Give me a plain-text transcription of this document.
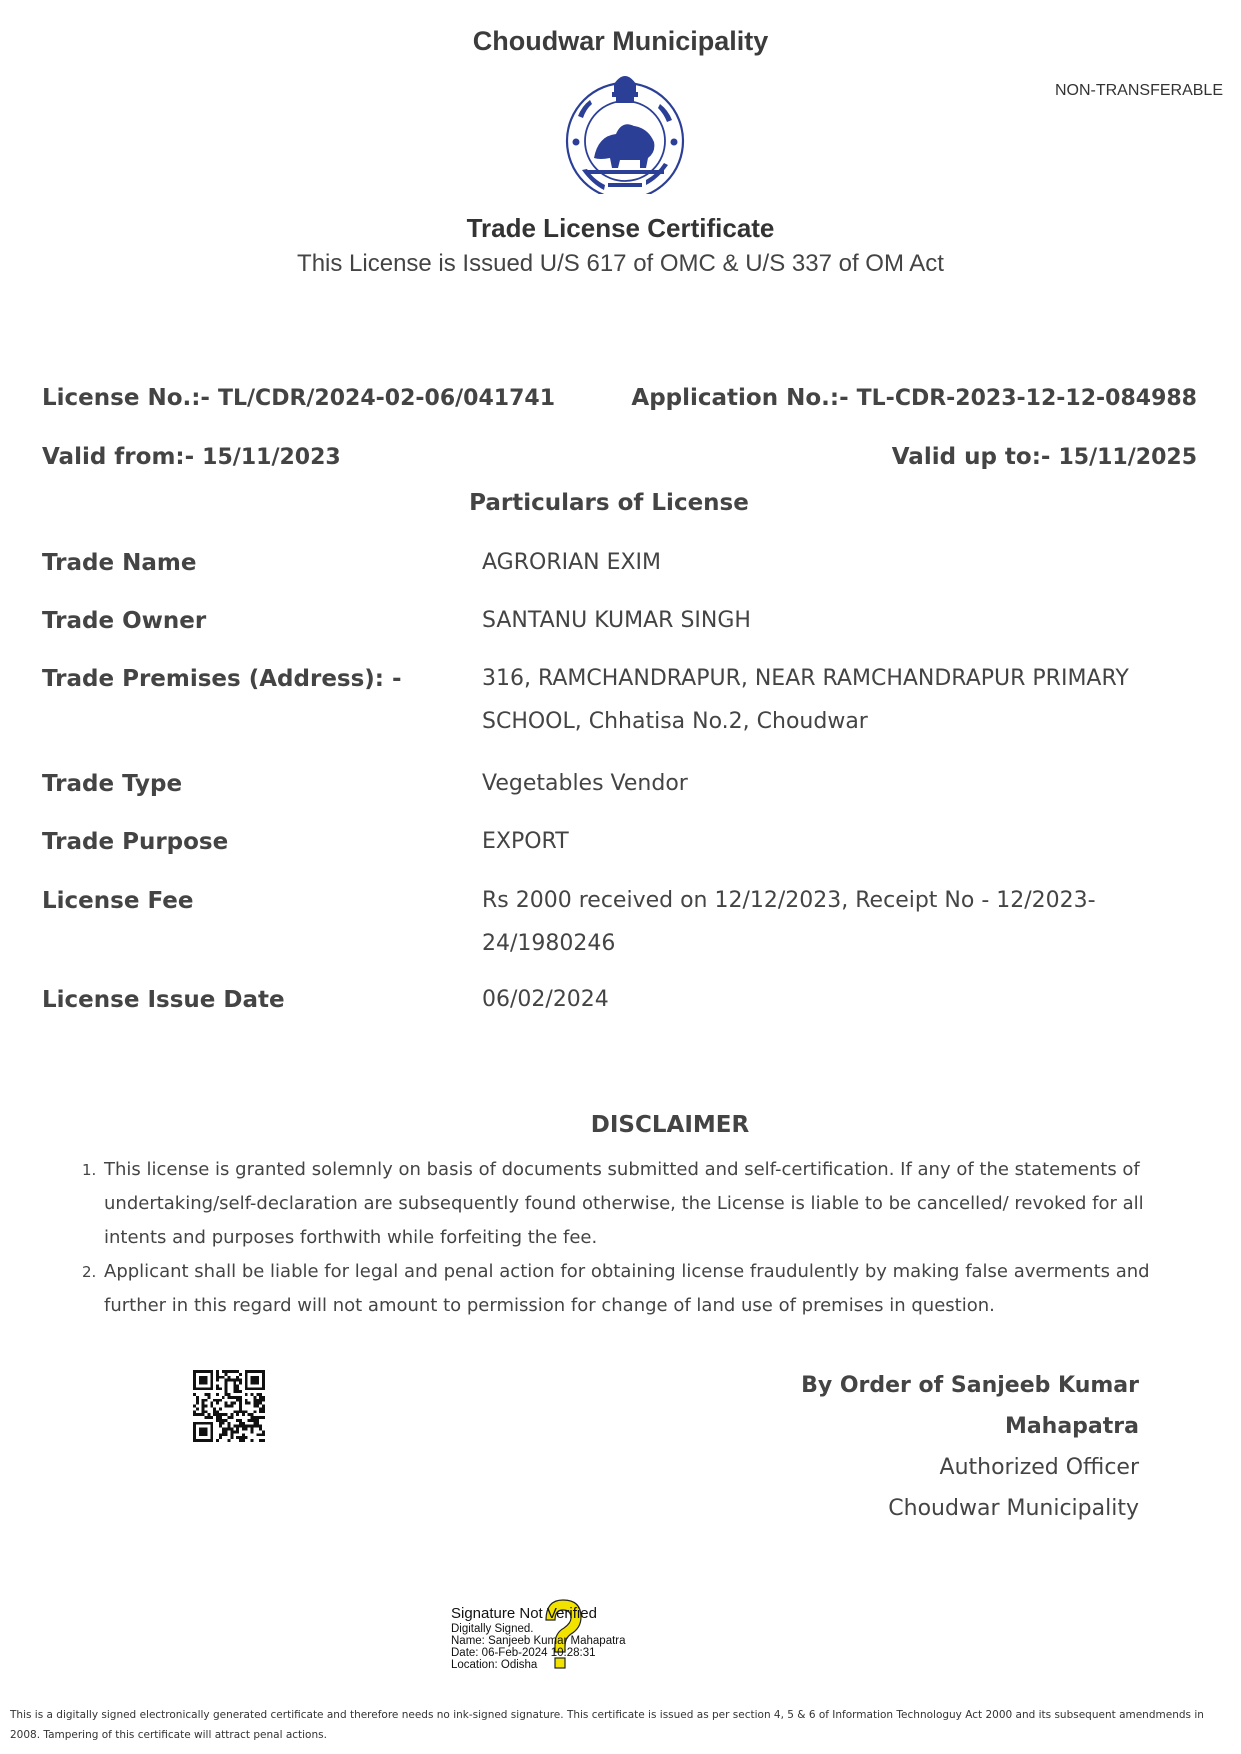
Choudwar Municipality
NON-TRANSFERABLE
Trade License Certificate
This License is Issued U/S 617 of OMC & U/S 337 of OM Act
License No.:- TL/CDR/2024-02-06/041741	Application No.:- TL-CDR-2023-12-12-084988
Valid from:- 15/11/2023	Valid up to:- 15/11/2025
Particulars of License
Trade Name	AGRORIAN EXIM
Trade Owner	SANTANU KUMAR SINGH
Trade Premises (Address): -	316, RAMCHANDRAPUR, NEAR RAMCHANDRAPUR PRIMARY SCHOOL, Chhatisa No.2, Choudwar
Trade Type	Vegetables Vendor
Trade Purpose	EXPORT
License Fee	Rs 2000 received on 12/12/2023, Receipt No - 12/2023-24/1980246
License Issue Date	06/02/2024
DISCLAIMER
1. This license is granted solemnly on basis of documents submitted and self-certification. If any of the statements of undertaking/self-declaration are subsequently found otherwise, the License is liable to be cancelled/ revoked for all intents and purposes forthwith while forfeiting the fee.
2. Applicant shall be liable for legal and penal action for obtaining license fraudulently by making false averments and further in this regard will not amount to permission for change of land use of premises in question.
By Order of Sanjeeb Kumar
Mahapatra
Authorized Officer
Choudwar Municipality
Signature Not Verified
Digitally Signed.
Name: Sanjeeb Kumar Mahapatra
Date: 06-Feb-2024 10:28:31
Location: Odisha
This is a digitally signed electronically generated certificate and therefore needs no ink-signed signature. This certificate is issued as per section 4, 5 & 6 of Information Technologuy Act 2000 and its subsequent amendmends in 2008. Tampering of this certificate will attract penal actions.
